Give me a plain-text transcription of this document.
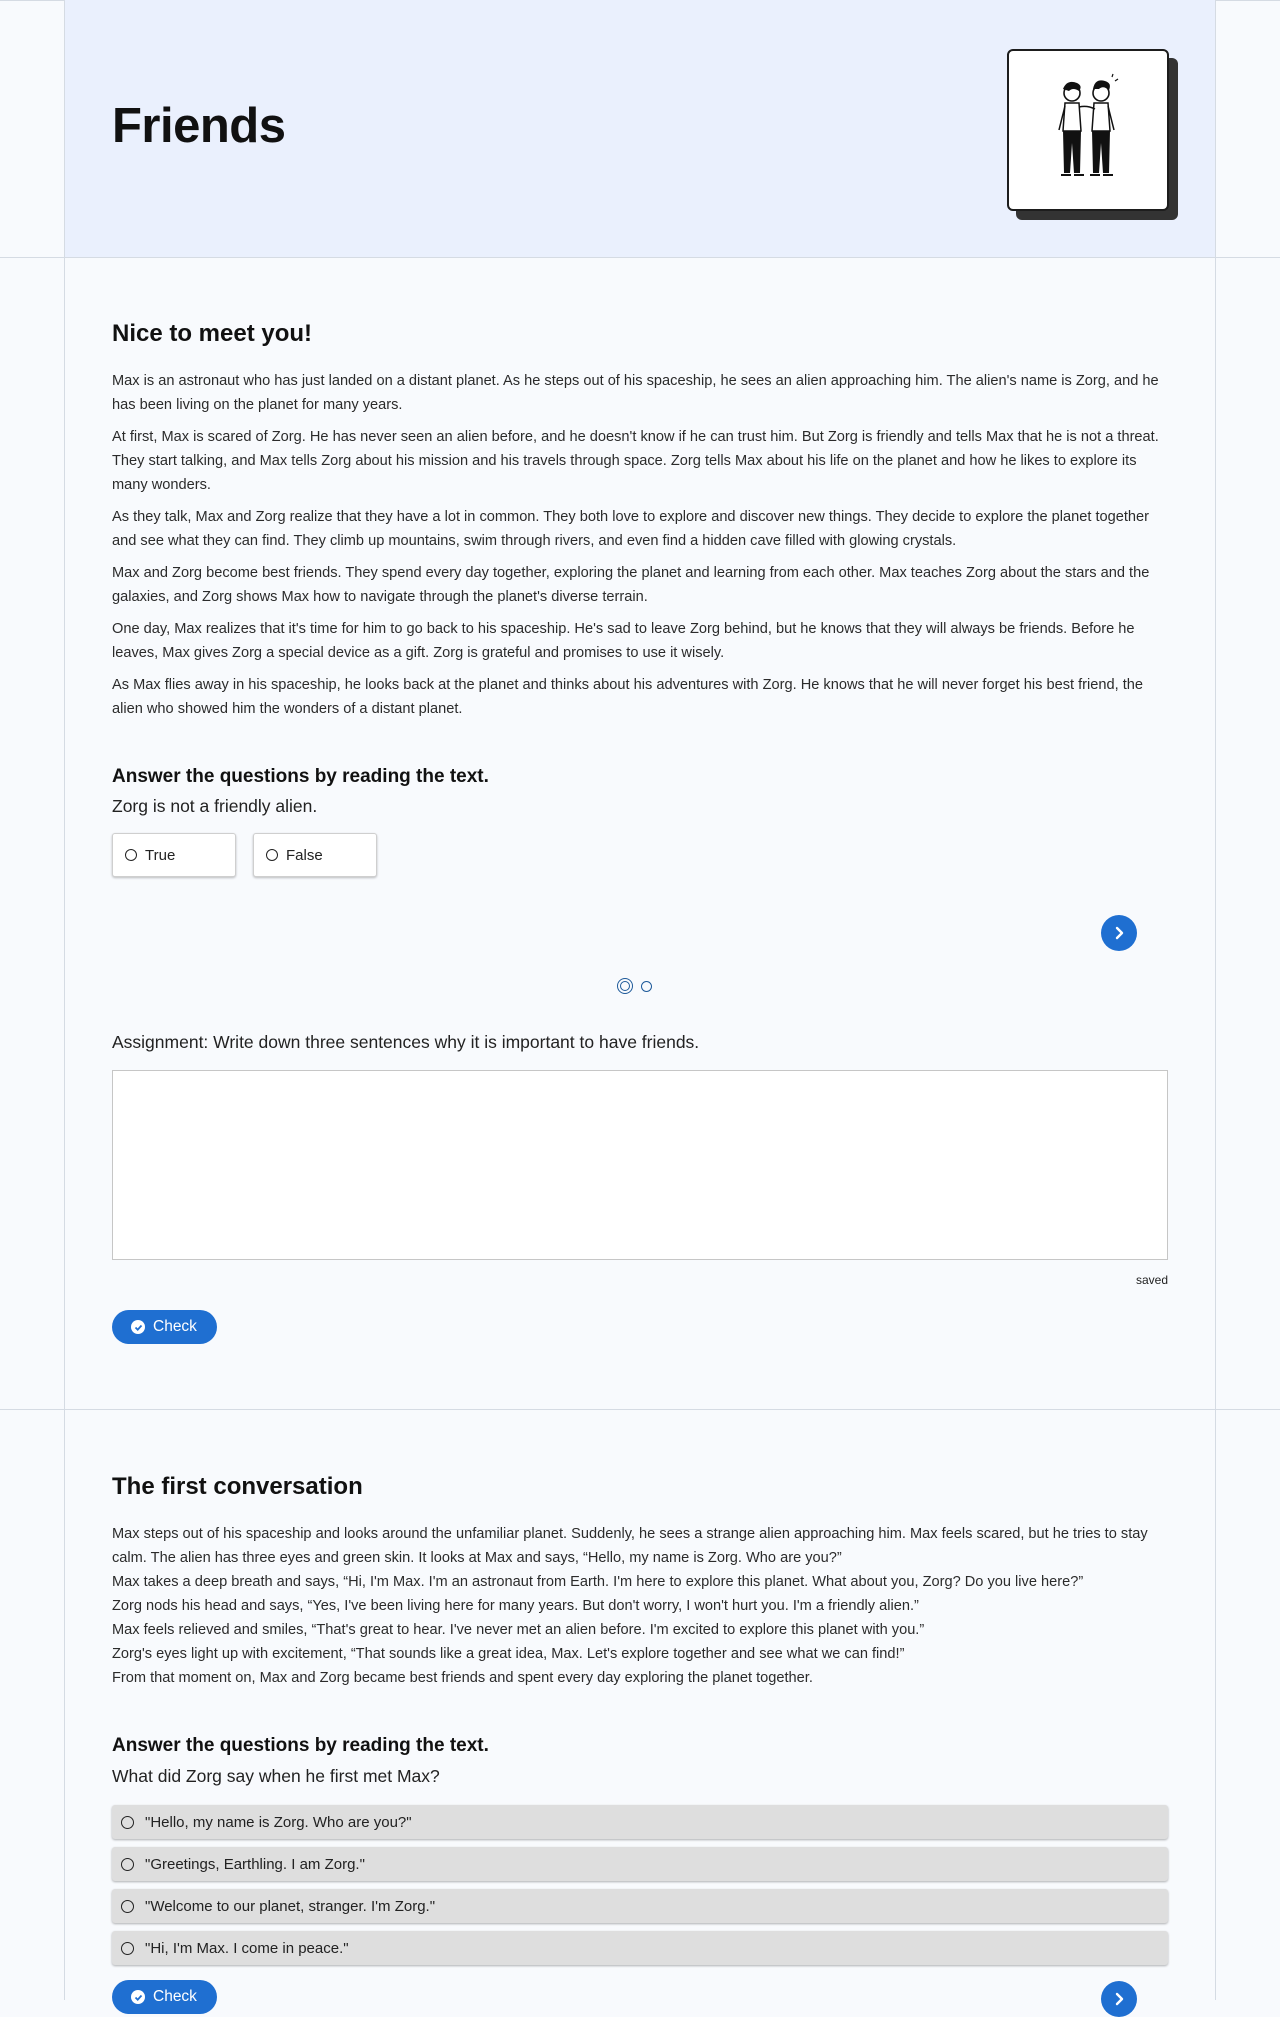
Friends
Nice to meet you!

Max is an astronaut who has just landed on a distant planet. As he steps out of his spaceship, he sees an alien approaching him. The alien's name is Zorg, and he has been living on the planet for many years.

At first, Max is scared of Zorg. He has never seen an alien before, and he doesn't know if he can trust him. But Zorg is friendly and tells Max that he is not a threat. They start talking, and Max tells Zorg about his mission and his travels through space. Zorg tells Max about his life on the planet and how he likes to explore its many wonders.

As they talk, Max and Zorg realize that they have a lot in common. They both love to explore and discover new things. They decide to explore the planet together and see what they can find. They climb up mountains, swim through rivers, and even find a hidden cave filled with glowing crystals.

Max and Zorg become best friends. They spend every day together, exploring the planet and learning from each other. Max teaches Zorg about the stars and the galaxies, and Zorg shows Max how to navigate through the planet's diverse terrain.

One day, Max realizes that it's time for him to go back to his spaceship. He's sad to leave Zorg behind, but he knows that they will always be friends. Before he leaves, Max gives Zorg a special device as a gift. Zorg is grateful and promises to use it wisely.

As Max flies away in his spaceship, he looks back at the planet and thinks about his adventures with Zorg. He knows that he will never forget his best friend, the alien who showed him the wonders of a distant planet.

Answer the questions by reading the text.
Zorg is not a friendly alien.
True	False
Assignment: Write down three sentences why it is important to have friends.
saved
Check
The first conversation
Max steps out of his spaceship and looks around the unfamiliar planet. Suddenly, he sees a strange alien approaching him. Max feels scared, but he tries to stay calm. The alien has three eyes and green skin. It looks at Max and says, “Hello, my name is Zorg. Who are you?”
Max takes a deep breath and says, “Hi, I'm Max. I'm an astronaut from Earth. I'm here to explore this planet. What about you, Zorg? Do you live here?”
Zorg nods his head and says, “Yes, I've been living here for many years. But don't worry, I won't hurt you. I'm a friendly alien.”
Max feels relieved and smiles, “That's great to hear. I've never met an alien before. I'm excited to explore this planet with you.”
Zorg's eyes light up with excitement, “That sounds like a great idea, Max. Let's explore together and see what we can find!”
From that moment on, Max and Zorg became best friends and spent every day exploring the planet together.
Answer the questions by reading the text.
What did Zorg say when he first met Max?
"Hello, my name is Zorg. Who are you?"
"Greetings, Earthling. I am Zorg."
"Welcome to our planet, stranger. I'm Zorg."
"Hi, I'm Max. I come in peace."
Check
